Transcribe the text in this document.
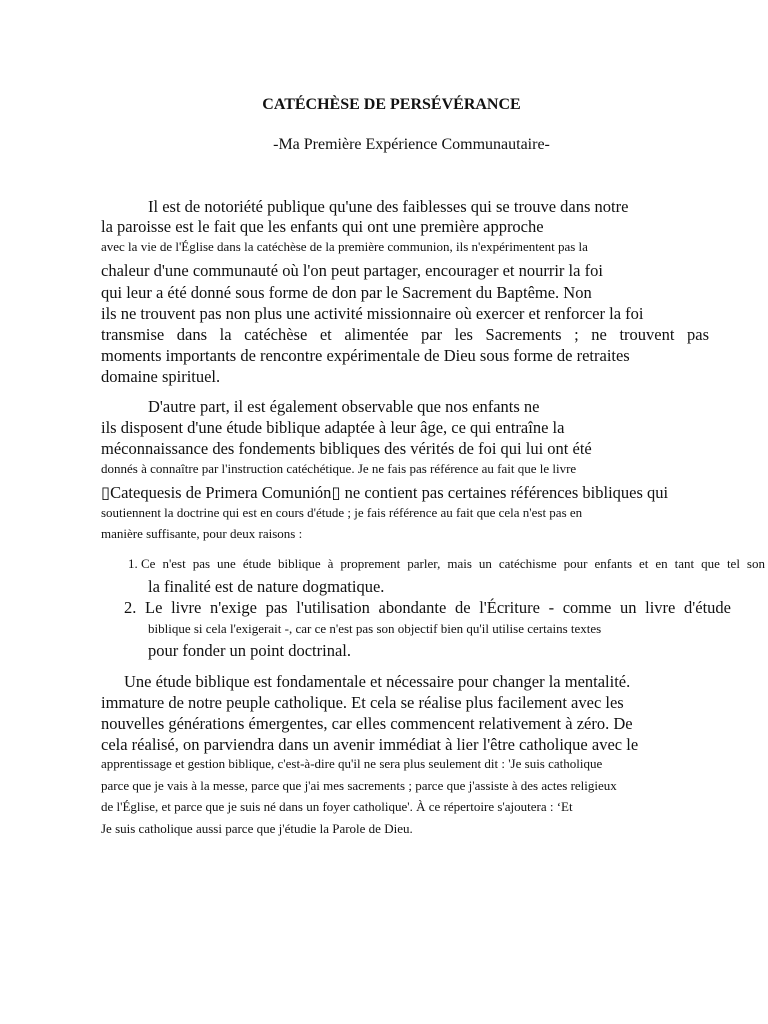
CATÉCHÈSE DE PERSÉVÉRANCE
-Ma Première Expérience Communautaire-
Il est de notoriété publique qu'une des faiblesses qui se trouve dans notre
la paroisse est le fait que les enfants qui ont une première approche
avec la vie de l'Église dans la catéchèse de la première communion, ils n'expérimentent pas la
chaleur d'une communauté où l'on peut partager, encourager et nourrir la foi
qui leur a été donné sous forme de don par le Sacrement du Baptême. Non
ils ne trouvent pas non plus une activité missionnaire où exercer et renforcer la foi
transmise dans la catéchèse et alimentée par les Sacrements ; ne trouvent pas
moments importants de rencontre expérimentale de Dieu sous forme de retraites
domaine spirituel.
D'autre part, il est également observable que nos enfants ne
ils disposent d'une étude biblique adaptée à leur âge, ce qui entraîne la
méconnaissance des fondements bibliques des vérités de foi qui lui ont été
donnés à connaître par l'instruction catéchétique. Je ne fais pas référence au fait que le livre
▯Catequesis de Primera Comunión▯ ne contient pas certaines références bibliques qui
soutiennent la doctrine qui est en cours d'étude ; je fais référence au fait que cela n'est pas en
manière suffisante, pour deux raisons :
1. Ce n'est pas une étude biblique à proprement parler, mais un catéchisme pour enfants et en tant que tel son
la finalité est de nature dogmatique.
2. Le livre n'exige pas l'utilisation abondante de l'Écriture - comme un livre d'étude
biblique si cela l'exigerait -, car ce n'est pas son objectif bien qu'il utilise certains textes
pour fonder un point doctrinal.
Une étude biblique est fondamentale et nécessaire pour changer la mentalité.
immature de notre peuple catholique. Et cela se réalise plus facilement avec les
nouvelles générations émergentes, car elles commencent relativement à zéro. De
cela réalisé, on parviendra dans un avenir immédiat à lier l'être catholique avec le
apprentissage et gestion biblique, c'est-à-dire qu'il ne sera plus seulement dit : 'Je suis catholique
parce que je vais à la messe, parce que j'ai mes sacrements ; parce que j'assiste à des actes religieux
de l'Église, et parce que je suis né dans un foyer catholique'. À ce répertoire s'ajoutera : ‘Et
Je suis catholique aussi parce que j'étudie la Parole de Dieu.
